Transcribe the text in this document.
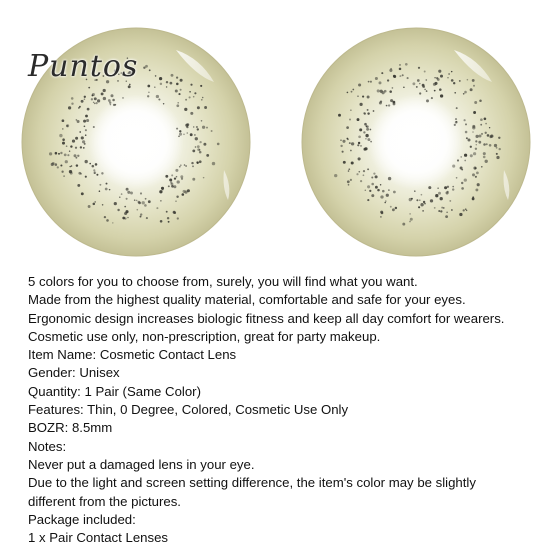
Puntos
5 colors for you to choose from, surely, you will find what you want.
Made from the highest quality material, comfortable and safe for your eyes.
Ergonomic design increases biologic fitness and keep all day comfort for wearers.
Cosmetic use only, non-prescription, great for party makeup.
Item Name: Cosmetic Contact Lens
Gender: Unisex
Quantity: 1 Pair (Same Color)
Features: Thin, 0 Degree, Colored, Cosmetic Use Only
BOZR: 8.5mm
Notes:
Never put a damaged lens in your eye.
Due to the light and screen setting difference, the item's color may be slightly
different from the pictures.
Package included:
1 x Pair Contact Lenses
